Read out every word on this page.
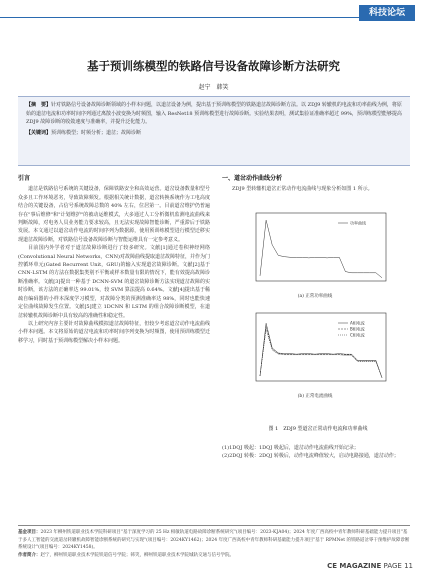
科技论坛
基于预训练模型的铁路信号设备故障诊断方法研究
赵宁　韩笑
【摘　要】针对铁路信号设备故障诊断领域的小样本问题，以道岔设备为例，提出基于预训练模型的铁路道岔故障诊断方法。以 ZDJ9 转辙机的电流和功率曲线为例，将原始的道岔电流和功率时间序列通过离散小波变换为时频图，输入 ResNet18 预训练模型进行故障诊断。实验结果表明，测试集验证准确率超过 99%，预训练模型能够提高 ZDJ9 故障诊断的收敛速度与准确率，并提升泛化能力。
【关键词】预训练模型；时频分析；道岔；故障诊断
引言

道岔是铁路信号系统的关键设备，保障铁路安全和高效运营。道岔设备数量和型号众多且工作环境恶劣，导致故障频发。根据相关统计数据，道岔转换系统作为工电高度结合的关键设备，占信号系统故障总数的 40% 左右，位居第一。目前道岔维护仍普遍存在"事后维修"和"计划维护"的被动运维模式，大多通过人工分析微机监测电流曲线来判断故障，对电务人员业务能力要求较高，且无法实现故障智能诊断，严重滞后于铁路发展。本文通过以道岔动作电流的时间序列为数据源，使用预训练模型进行模型迁移实现道岔故障诊断，对铁路信号设备故障诊断与智能运维具有一定参考意义。

目前国内外学者对于道岔故障诊断进行了较多研究。文献[1]通过卷积神经网络(Convolutional Neural Networks，CNN)对故障曲线提取道岔故障特征，并作为门控循环单元(Gated Recurrent Unit，GRU)的输入实现道岔故障诊断。文献[2]基于 CNN-LSTM 的方法在数据集类别不平衡或样本数量有限的情况下，能有效提高故障诊断准确率。文献[3]提出一种基于 DCNN-SVM 的道岔故障诊断方法实现道岔故障的实时诊断，该方法的正确率达 99.01%，较 SVM 算法提高 0.64%。文献[4]提出基于稀疏自编码器的小样本深度学习模型，对故障分类的预测准确率达 98%，同时也能快速定位曲线故障发生位置。文献[5]建立 1DCNN 和 LSTM 的组合故障诊断模型，在道岔转辙机故障诊断中具有较高的准确性和稳定性。

以上研究内容主要针对故障曲线模拟道岔故障特征，但较少考虑道岔动作电流曲线小样本问题。本文将原始的道岔电流和功率时间序列变换为时频图，使用预训练模型迁移学习，同时基于预训练模型解决小样本问题。

一、道岔动作曲线分析

ZDJ9 型转辙机道岔正常动作电流曲线与现象分析如图 1 所示。

功率曲线
(a) 正常功率曲线
A相电流
B相电流
C相电流
(b) 正常电流曲线
图 1　ZDJ9 型道岔正常动作电流和功率曲线
(1)1DQJ 吸起：1DQJ 吸起后，道岔动作电流曲线开始记录；
(2)2DQJ 转极：2DQJ 转极后，动作电流峰值较大，启动电路接通，道岔动作；
基金项目：2023 年柳州铁道职业技术学院科研项目"基于深度学习的 25 Hz 相敏轨道电路故障诊断系统研究"(项目编号：2023-KJA04)；2024 年度广西高校中青年教师科研基础能力提升项目"基于多人工智能的交流道岔转辙机故障智能诊断系统的研究与实现"(项目编号：2024KY1462)；2024 年度广西高校中青年教师科研基础能力提升项目"基于 RPMNet 的铁路道岔零干预维护故障诊断系统设计"(项目编号：2024KY1458)。
作者简介：赵宁，柳州铁道职业技术学院铁道信号学院；韩笑，柳州铁道职业技术学院城轨交通与信号学院。
CE MAGAZINE PAGE 11
